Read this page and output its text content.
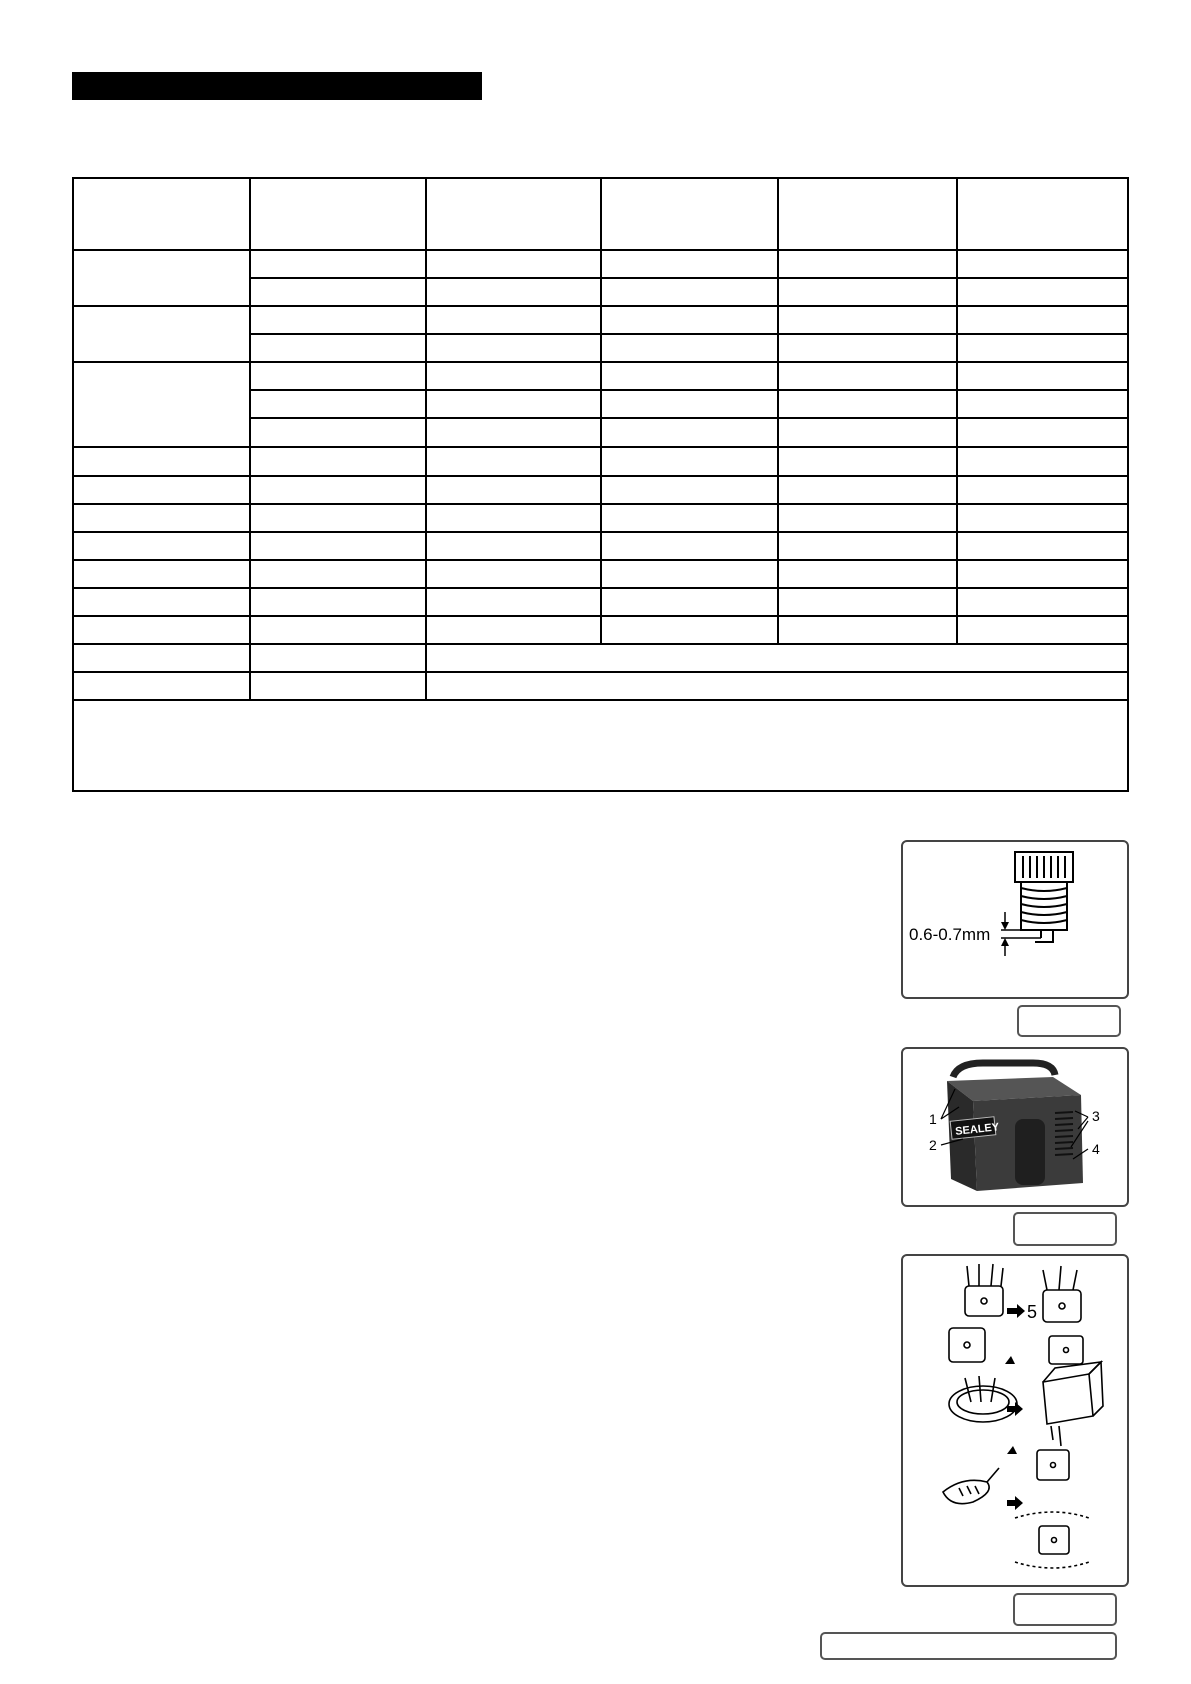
0.6-0.7mm
SEALEY
1
2
3
4
5
